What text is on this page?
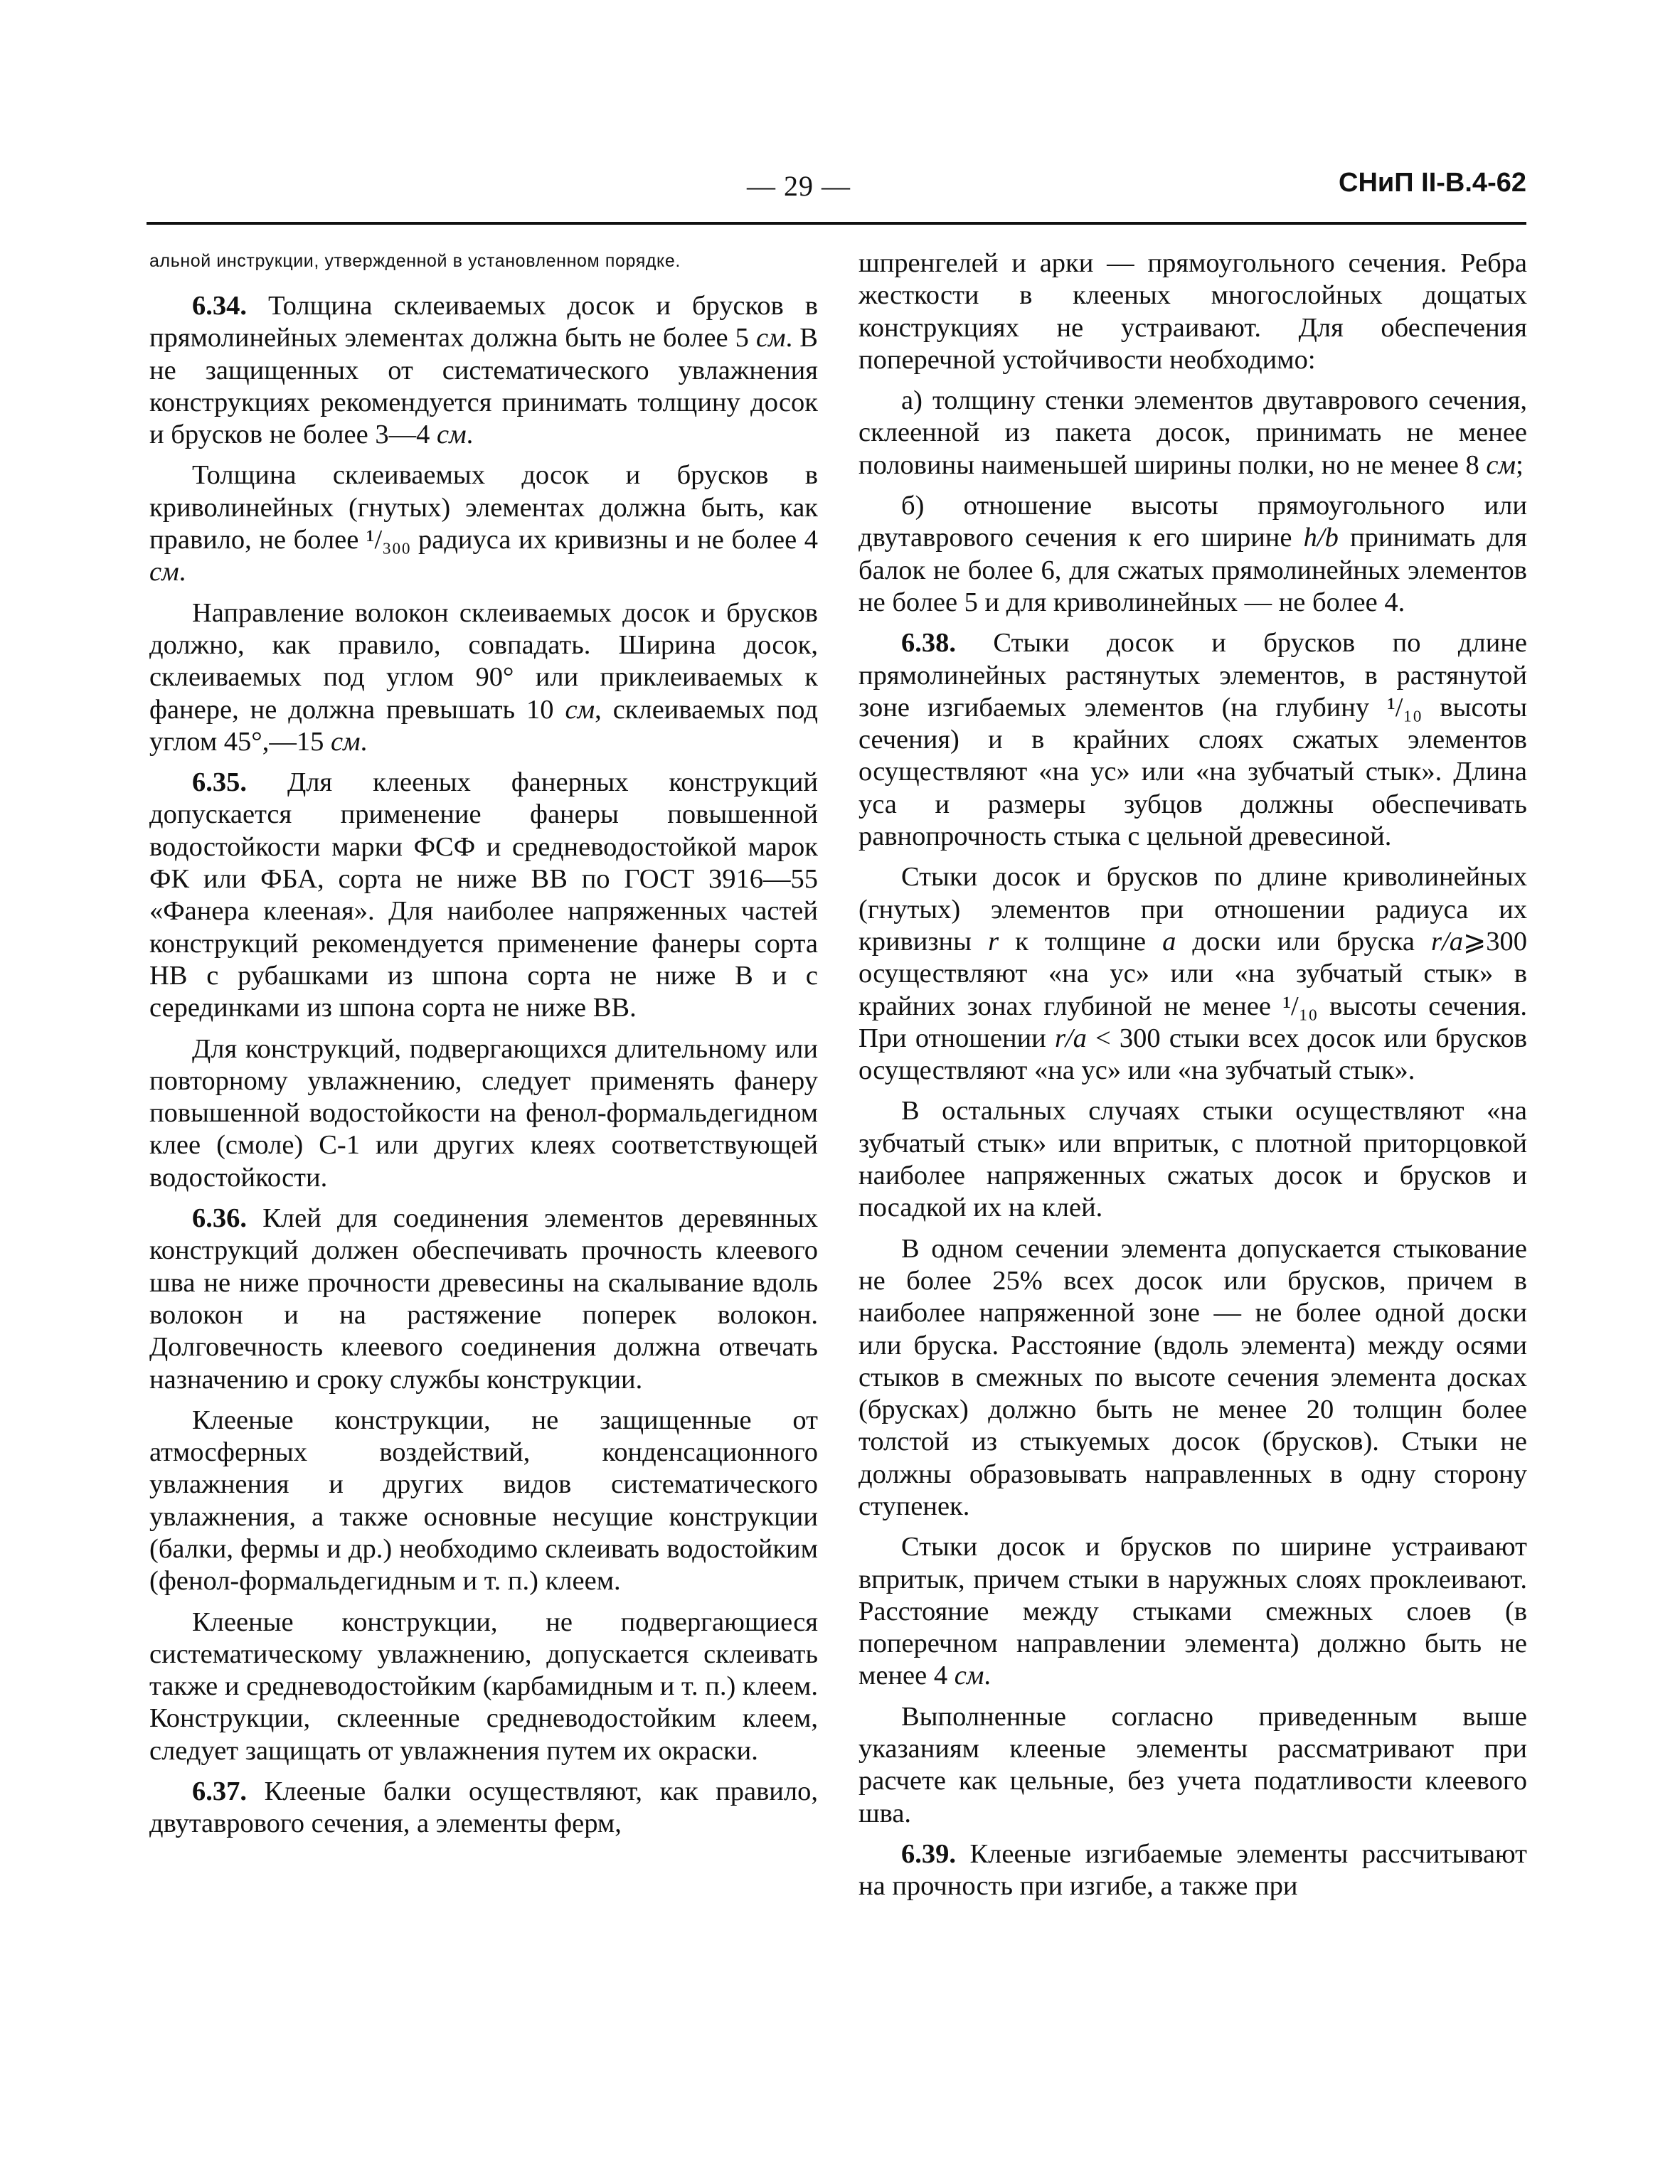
— 29 —	СНиП II-В.4-62

альной инструкции, утвержденной в установленном порядке.

6.34. Толщина склеиваемых досок и брусков в прямолинейных элементах должна быть не более 5 см. В не защищенных от систематического увлажнения конструкциях рекомендуется принимать толщину досок и брусков не более 3—4 см.

Толщина склеиваемых досок и брусков в криволинейных (гнутых) элементах должна быть, как правило, не более ¹/₃₀₀ радиуса их кривизны и не более 4 см.

Направление волокон склеиваемых досок и брусков должно, как правило, совпадать. Ширина досок, склеиваемых под углом 90° или приклеиваемых к фанере, не должна превышать 10 см, склеиваемых под углом 45°,—15 см.

6.35. Для клееных фанерных конструкций допускается применение фанеры повышенной водостойкости марки ФСФ и средневодостойкой марок ФК или ФБА, сорта не ниже ВВ по ГОСТ 3916—55 «Фанера клееная». Для наиболее напряженных частей конструкций рекомендуется применение фанеры сорта НВ с рубашками из шпона сорта не ниже В и с серединками из шпона сорта не ниже ВВ.

Для конструкций, подвергающихся длительному или повторному увлажнению, следует применять фанеру повышенной водостойкости на фенол-формальдегидном клее (смоле) С-1 или других клеях соответствующей водостойкости.

6.36. Клей для соединения элементов деревянных конструкций должен обеспечивать прочность клеевого шва не ниже прочности древесины на скалывание вдоль волокон и на растяжение поперек волокон. Долговечность клеевого соединения должна отвечать назначению и сроку службы конструкции.

Клееные конструкции, не защищенные от атмосферных воздействий, конденсационного увлажнения и других видов систематического увлажнения, а также основные несущие конструкции (балки, фермы и др.) необходимо склеивать водостойким (фенол-формальдегидным и т. п.) клеем.

Клееные конструкции, не подвергающиеся систематическому увлажнению, допускается склеивать также и средневодостойким (карбамидным и т. п.) клеем. Конструкции, склеенные средневодостойким клеем, следует защищать от увлажнения путем их окраски.

6.37. Клееные балки осуществляют, как правило, двутаврового сечения, а элементы ферм,

шпренгелей и арки — прямоугольного сечения. Ребра жесткости в клееных многослойных дощатых конструкциях не устраивают. Для обеспечения поперечной устойчивости необходимо:

а) толщину стенки элементов двутаврового сечения, склеенной из пакета досок, принимать не менее половины наименьшей ширины полки, но не менее 8 см;

б) отношение высоты прямоугольного или двутаврового сечения к его ширине h/b принимать для балок не более 6, для сжатых прямолинейных элементов не более 5 и для криволинейных — не более 4.

6.38. Стыки досок и брусков по длине прямолинейных растянутых элементов, в растянутой зоне изгибаемых элементов (на глубину ¹/₁₀ высоты сечения) и в крайних слоях сжатых элементов осуществляют «на ус» или «на зубчатый стык». Длина уса и размеры зубцов должны обеспечивать равнопрочность стыка с цельной древесиной.

Стыки досок и брусков по длине криволинейных (гнутых) элементов при отношении радиуса их кривизны r к толщине a доски или бруска r/a⩾300 осуществляют «на ус» или «на зубчатый стык» в крайних зонах глубиной не менее ¹/₁₀ высоты сечения. При отношении r/a < 300 стыки всех досок или брусков осуществляют «на ус» или «на зубчатый стык».

В остальных случаях стыки осуществляют «на зубчатый стык» или впритык, с плотной приторцовкой наиболее напряженных сжатых досок и брусков и посадкой их на клей.

В одном сечении элемента допускается стыкование не более 25% всех досок или брусков, причем в наиболее напряженной зоне — не более одной доски или бруска. Расстояние (вдоль элемента) между осями стыков в смежных по высоте сечения элемента досках (брусках) должно быть не менее 20 толщин более толстой из стыкуемых досок (брусков). Стыки не должны образовывать направленных в одну сторону ступенек.

Стыки досок и брусков по ширине устраивают впритык, причем стыки в наружных слоях проклеивают. Расстояние между стыками смежных слоев (в поперечном направлении элемента) должно быть не менее 4 см.

Выполненные согласно приведенным выше указаниям клееные элементы рассматривают при расчете как цельные, без учета податливости клеевого шва.

6.39. Клееные изгибаемые элементы рассчитывают на прочность при изгибе, а также при
